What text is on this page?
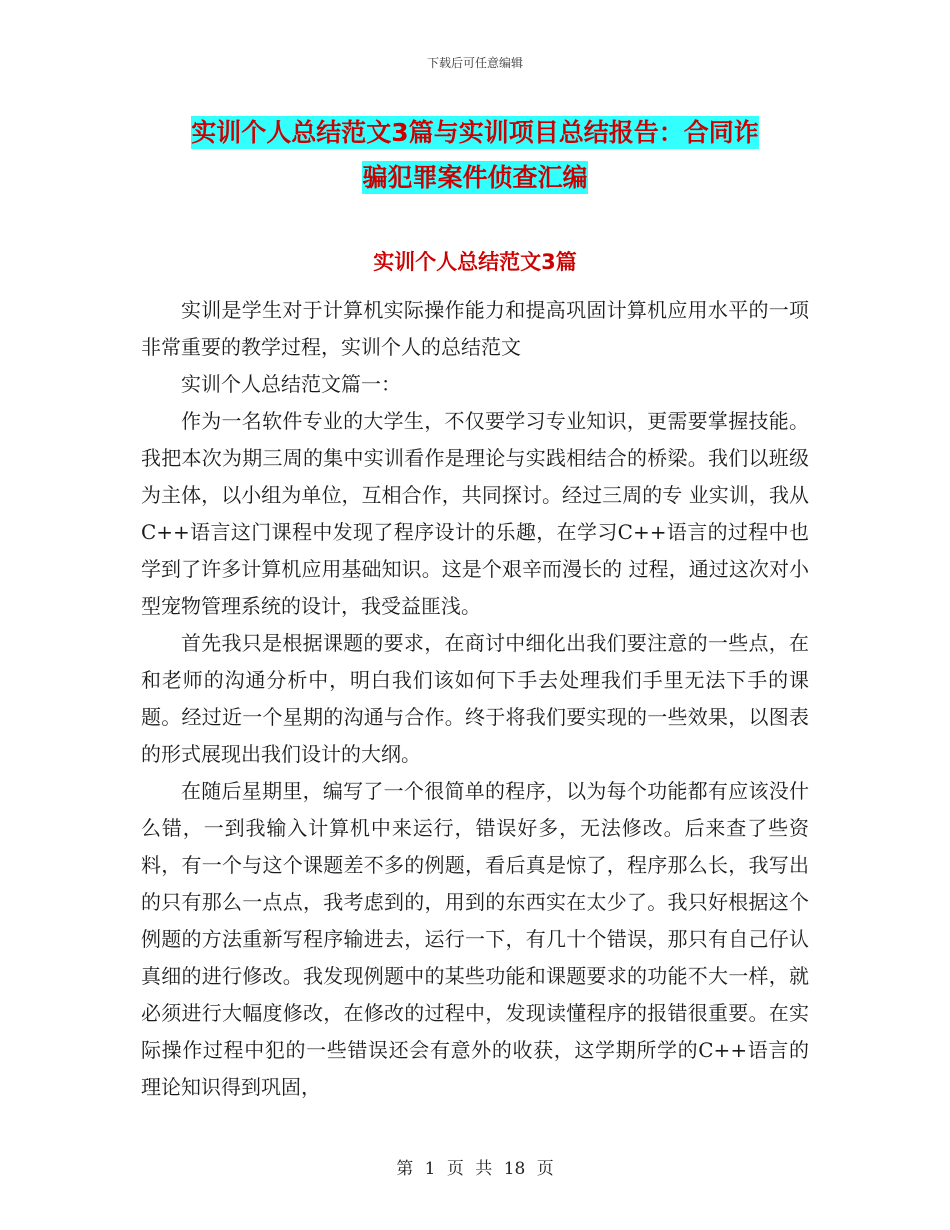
下载后可任意编辑
实训个人总结范文3篇与实训项目总结报告：合同诈
骗犯罪案件侦查汇编
实训个人总结范文3篇

实训是学生对于计算机实际操作能力和提高巩固计算机应用水平的一项非常重要的教学过程，实训个人的总结范文

实训个人总结范文篇一：

作为一名软件专业的大学生，不仅要学习专业知识，更需要掌握技能。我把本次为期三周的集中实训看作是理论与实践相结合的桥梁。我们以班级为主体，以小组为单位，互相合作，共同探讨。经过三周的专 业实训，我从C++语言这门课程中发现了程序设计的乐趣，在学习C++语言的过程中也学到了许多计算机应用基础知识。这是个艰辛而漫长的 过程，通过这次对小型宠物管理系统的设计，我受益匪浅。

首先我只是根据课题的要求，在商讨中细化出我们要注意的一些点，在和老师的沟通分析中，明白我们该如何下手去处理我们手里无法下手的课题。经过近一个星期的沟通与合作。终于将我们要实现的一些效果，以图表的形式展现出我们设计的大纲。

在随后星期里，编写了一个很简单的程序，以为每个功能都有应该没什么错，一到我输入计算机中来运行，错误好多，无法修改。后来查了些资料，有一个与这个课题差不多的例题，看后真是惊了，程序那么长，我写出的只有那么一点点，我考虑到的，用到的东西实在太少了。我只好根据这个例题的方法重新写程序输进去，运行一下，有几十个错误，那只有自己仔认真细的进行修改。我发现例题中的某些功能和课题要求的功能不大一样，就必须进行大幅度修改，在修改的过程中，发现读懂程序的报错很重要。在实际操作过程中犯的一些错误还会有意外的收获，这学期所学的C++语言的理论知识得到巩固，

第 1 页 共 18 页
